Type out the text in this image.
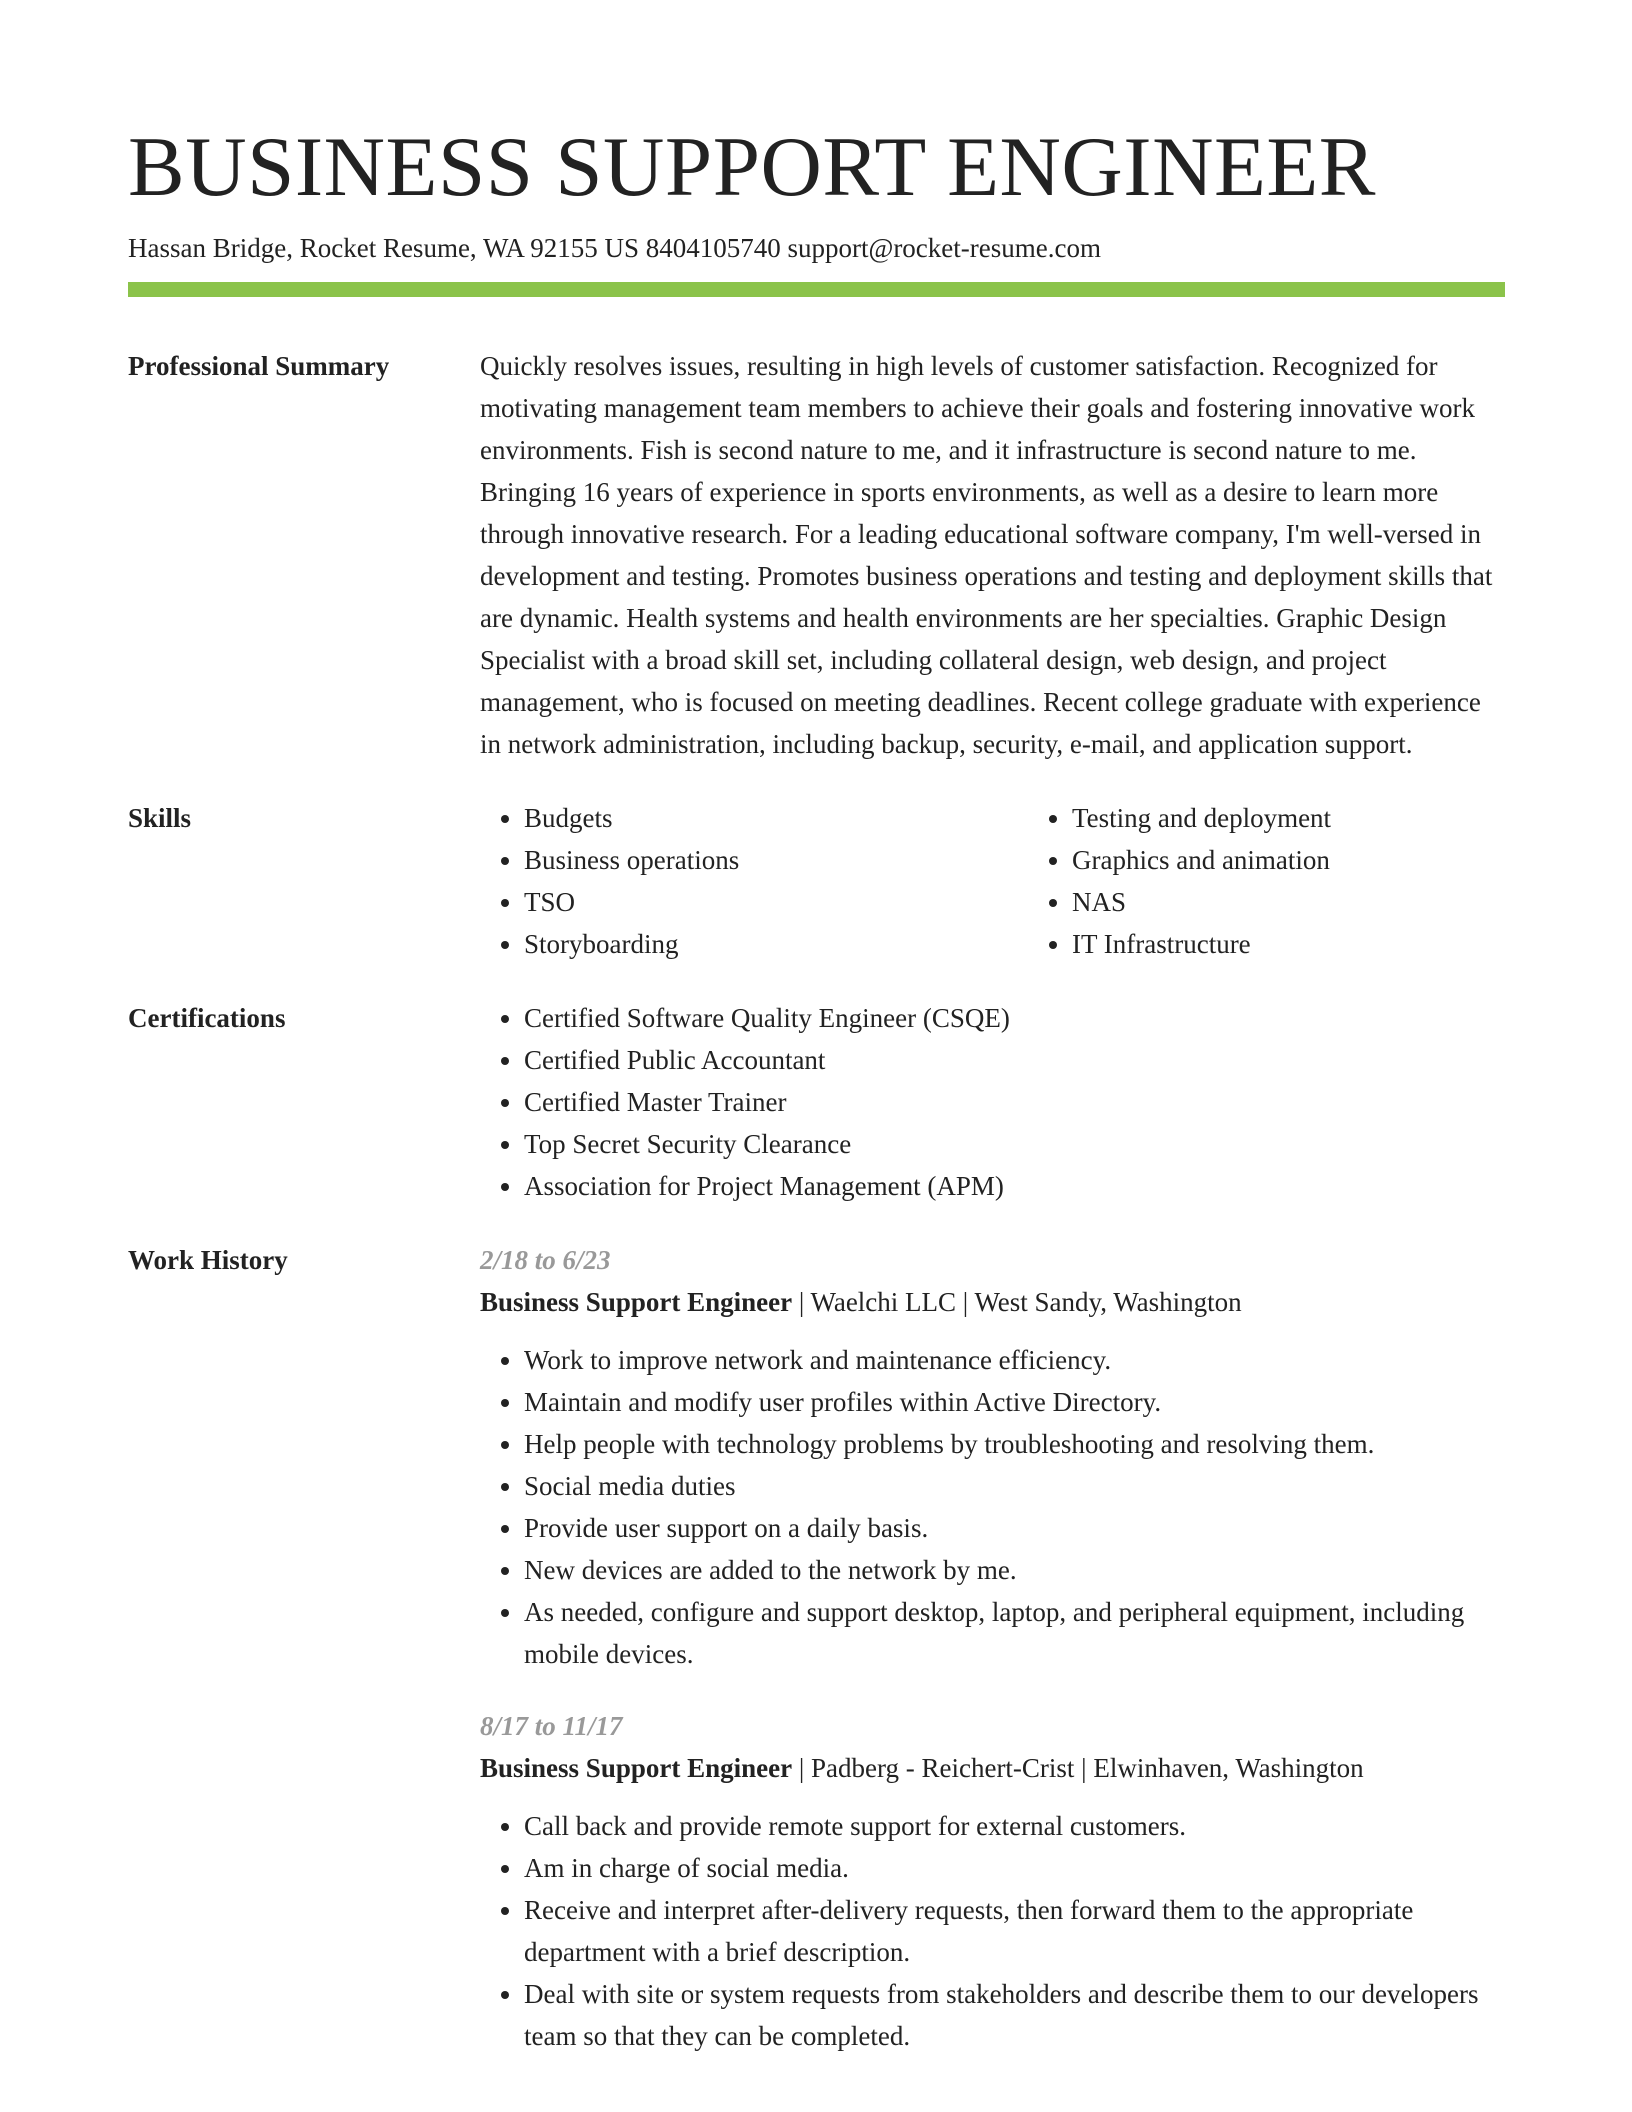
BUSINESS SUPPORT ENGINEER
Hassan Bridge, Rocket Resume, WA 92155 US 8404105740 support@rocket-resume.com
Professional Summary	Quickly resolves issues, resulting in high levels of customer satisfaction. Recognized for motivating management team members to achieve their goals and fostering innovative work environments. Fish is second nature to me, and it infrastructure is second nature to me. Bringing 16 years of experience in sports environments, as well as a desire to learn more through innovative research. For a leading educational software company, I'm well-versed in development and testing. Promotes business operations and testing and deployment skills that are dynamic. Health systems and health environments are her specialties. Graphic Design Specialist with a broad skill set, including collateral design, web design, and project management, who is focused on meeting deadlines. Recent college graduate with experience in network administration, including backup, security, e-mail, and application support.

Skills	• Budgets
• Business operations
• TSO
• Storyboarding
• Testing and deployment
• Graphics and animation
• NAS
• IT Infrastructure
Certifications	• Certified Software Quality Engineer (CSQE)
• Certified Public Accountant
• Certified Master Trainer
• Top Secret Security Clearance
• Association for Project Management (APM)
Work History	2/18 to 6/23
Business Support Engineer | Waelchi LLC | West Sandy, Washington
• Work to improve network and maintenance efficiency.
• Maintain and modify user profiles within Active Directory.
• Help people with technology problems by troubleshooting and resolving them.
• Social media duties
• Provide user support on a daily basis.
• New devices are added to the network by me.
• As needed, configure and support desktop, laptop, and peripheral equipment, including mobile devices.
8/17 to 11/17
Business Support Engineer | Padberg - Reichert-Crist | Elwinhaven, Washington
• Call back and provide remote support for external customers.
• Am in charge of social media.
• Receive and interpret after-delivery requests, then forward them to the appropriate department with a brief description.
• Deal with site or system requests from stakeholders and describe them to our developers team so that they can be completed.
